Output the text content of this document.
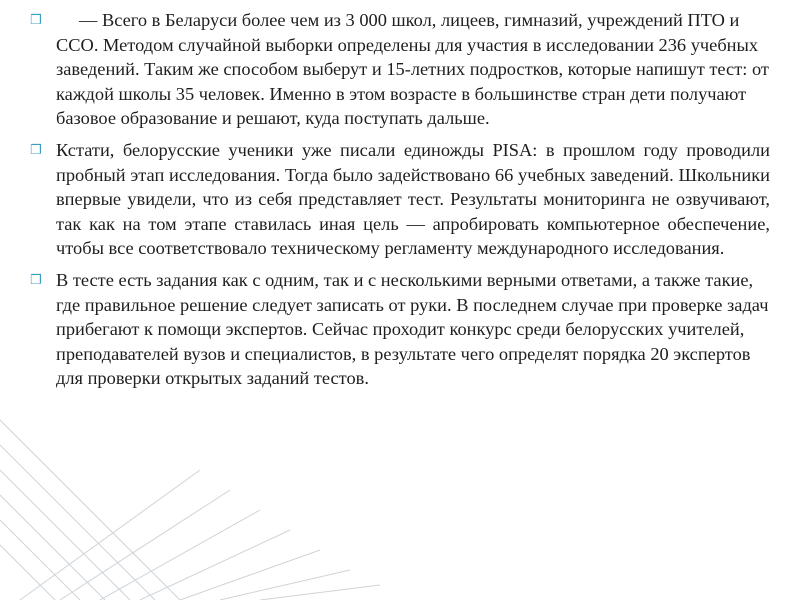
❒ — Всего в Беларуси более чем из 3 000 школ, лицеев, гимназий, учреждений ПТО и ССО. Методом случайной выборки определены для участия в исследовании 236 учебных заведений. Таким же способом выберут и 15-летних подростков, которые напишут тест: от каждой школы 35 человек. Именно в этом возрасте в большинстве стран дети получают базовое образование и решают, куда поступать дальше.
❒ Кстати, белорусские ученики уже писали единожды PISA: в прошлом году проводили пробный этап исследования. Тогда было задействовано 66 учебных заведений. Школьники впервые увидели, что из себя представляет тест. Результаты мониторинга не озвучивают, так как на том этапе ставилась иная цель — апробировать компьютерное обеспечение, чтобы все соответствовало техническому регламенту международного исследования.
❒ В тесте есть задания как с одним, так и с несколькими верными ответами, а также такие, где правильное решение следует записать от руки. В последнем случае при проверке задач прибегают к помощи экспертов. Сейчас проходит конкурс среди белорусских учителей, преподавателей вузов и специалистов, в результате чего определят порядка 20 экспертов для проверки открытых заданий тестов.
